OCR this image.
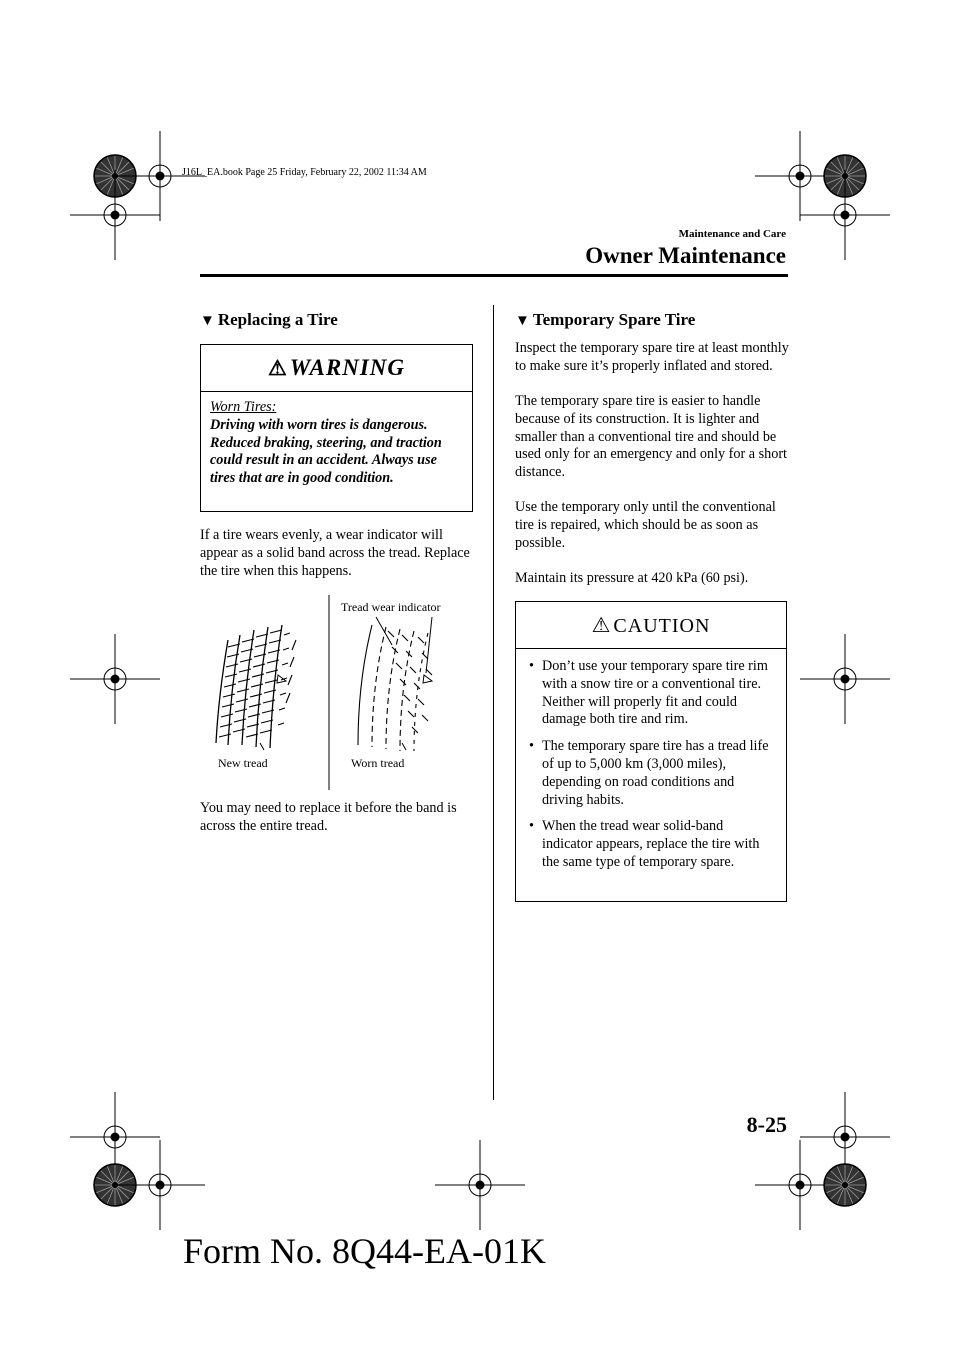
J16L_EA.book Page 25 Friday, February 22, 2002 11:34 AM
Maintenance and Care
Owner Maintenance
▼ Replacing a Tire
⚠WARNING
Worn Tires:
Driving with worn tires is dangerous. Reduced braking, steering, and traction could result in an accident. Always use tires that are in good condition.
If a tire wears evenly, a wear indicator will appear as a solid band across the tread. Replace the tire when this happens.
Tread wear indicator
New tread	Worn tread
You may need to replace it before the band is across the entire tread.
▼ Temporary Spare Tire
Inspect the temporary spare tire at least monthly to make sure it’s properly inflated and stored.
The temporary spare tire is easier to handle because of its construction. It is lighter and smaller than a conventional tire and should be used only for an emergency and only for a short distance.
Use the temporary only until the conventional tire is repaired, which should be as soon as possible.
Maintain its pressure at 420 kPa (60 psi).
⚠ CAUTION
• Don’t use your temporary spare tire rim with a snow tire or a conventional tire. Neither will properly fit and could damage both tire and rim.
• The temporary spare tire has a tread life of up to 5,000 km (3,000 miles), depending on road conditions and driving habits.
• When the tread wear solid-band indicator appears, replace the tire with the same type of temporary spare.
8-25
Form No. 8Q44-EA-01K
